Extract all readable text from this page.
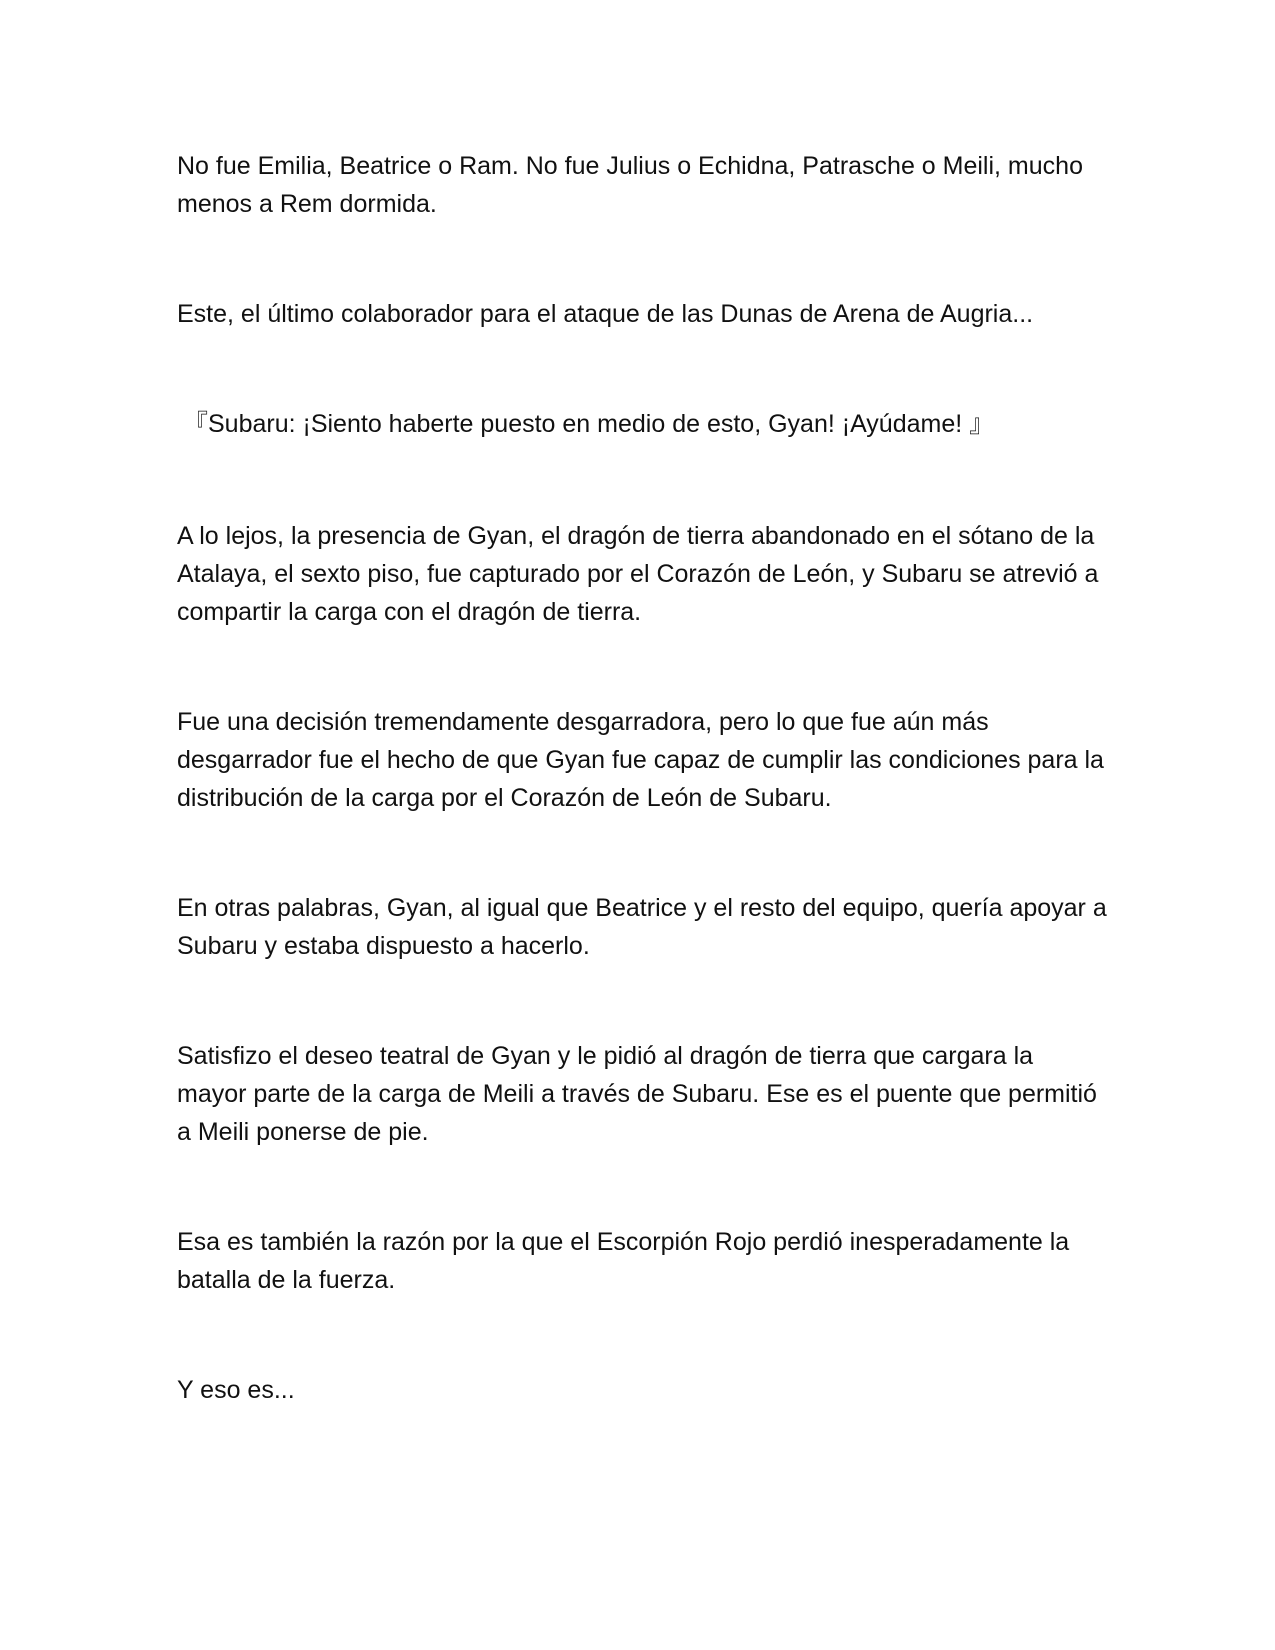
No fue Emilia, Beatrice o Ram. No fue Julius o Echidna, Patrasche o Meili, mucho menos a Rem dormida.

Este, el último colaborador para el ataque de las Dunas de Arena de Augria...

『Subaru: ¡Siento haberte puesto en medio de esto, Gyan! ¡Ayúdame! 』

A lo lejos, la presencia de Gyan, el dragón de tierra abandonado en el sótano de la Atalaya, el sexto piso, fue capturado por el Corazón de León, y Subaru se atrevió a compartir la carga con el dragón de tierra.

Fue una decisión tremendamente desgarradora, pero lo que fue aún más desgarrador fue el hecho de que Gyan fue capaz de cumplir las condiciones para la distribución de la carga por el Corazón de León de Subaru.

En otras palabras, Gyan, al igual que Beatrice y el resto del equipo, quería apoyar a Subaru y estaba dispuesto a hacerlo.

Satisfizo el deseo teatral de Gyan y le pidió al dragón de tierra que cargara la mayor parte de la carga de Meili a través de Subaru. Ese es el puente que permitió a Meili ponerse de pie.

Esa es también la razón por la que el Escorpión Rojo perdió inesperadamente la batalla de la fuerza.

Y eso es...
